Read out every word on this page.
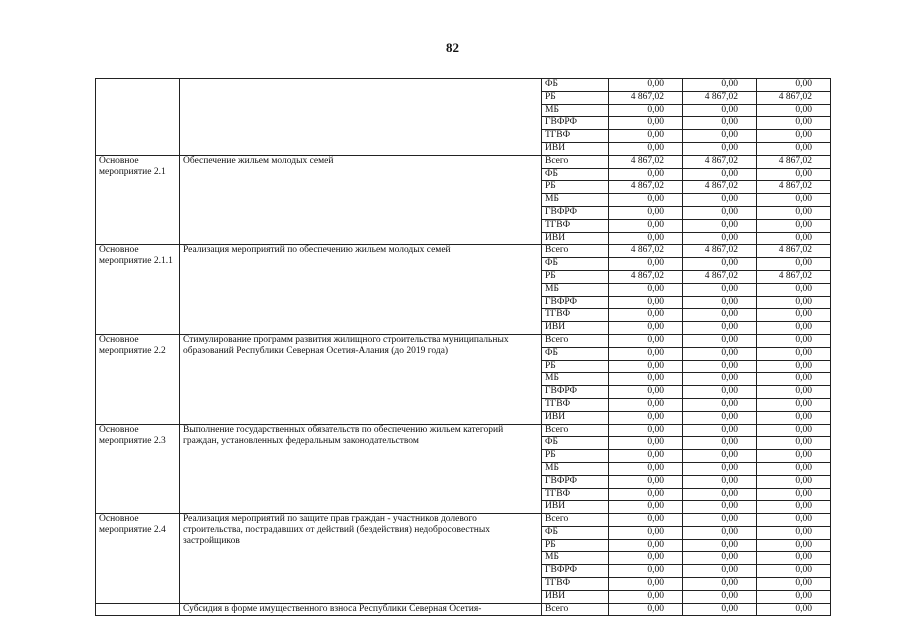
82
		ФБ	0,00	0,00	0,00
		РБ	4 867,02	4 867,02	4 867,02
		МБ	0,00	0,00	0,00
		ГВФРФ	0,00	0,00	0,00
		ТГВФ	0,00	0,00	0,00
		ИВИ	0,00	0,00	0,00
Основное мероприятие 2.1	Обеспечение жильем молодых семей	Всего	4 867,02	4 867,02	4 867,02
		ФБ	0,00	0,00	0,00
		РБ	4 867,02	4 867,02	4 867,02
		МБ	0,00	0,00	0,00
		ГВФРФ	0,00	0,00	0,00
		ТГВФ	0,00	0,00	0,00
		ИВИ	0,00	0,00	0,00
Основное мероприятие 2.1.1	Реализация мероприятий по обеспечению жильем молодых семей	Всего	4 867,02	4 867,02	4 867,02
		ФБ	0,00	0,00	0,00
		РБ	4 867,02	4 867,02	4 867,02
		МБ	0,00	0,00	0,00
		ГВФРФ	0,00	0,00	0,00
		ТГВФ	0,00	0,00	0,00
		ИВИ	0,00	0,00	0,00
Основное мероприятие 2.2	Стимулирование программ развития жилищного строительства муниципальных образований Республики Северная Осетия-Алания (до 2019 года)	Всего	0,00	0,00	0,00
		ФБ	0,00	0,00	0,00
		РБ	0,00	0,00	0,00
		МБ	0,00	0,00	0,00
		ГВФРФ	0,00	0,00	0,00
		ТГВФ	0,00	0,00	0,00
		ИВИ	0,00	0,00	0,00
Основное мероприятие 2.3	Выполнение государственных обязательств по обеспечению жильем категорий граждан, установленных федеральным законодательством	Всего	0,00	0,00	0,00
		ФБ	0,00	0,00	0,00
		РБ	0,00	0,00	0,00
		МБ	0,00	0,00	0,00
		ГВФРФ	0,00	0,00	0,00
		ТГВФ	0,00	0,00	0,00
		ИВИ	0,00	0,00	0,00
Основное мероприятие 2.4	Реализация мероприятий по защите прав граждан - участников долевого строительства, пострадавших от действий (бездействия) недобросовестных застройщиков	Всего	0,00	0,00	0,00
		ФБ	0,00	0,00	0,00
		РБ	0,00	0,00	0,00
		МБ	0,00	0,00	0,00
		ГВФРФ	0,00	0,00	0,00
		ТГВФ	0,00	0,00	0,00
		ИВИ	0,00	0,00	0,00
	Субсидия в форме имущественного взноса Республики Северная Осетия-	Всего	0,00	0,00	0,00
